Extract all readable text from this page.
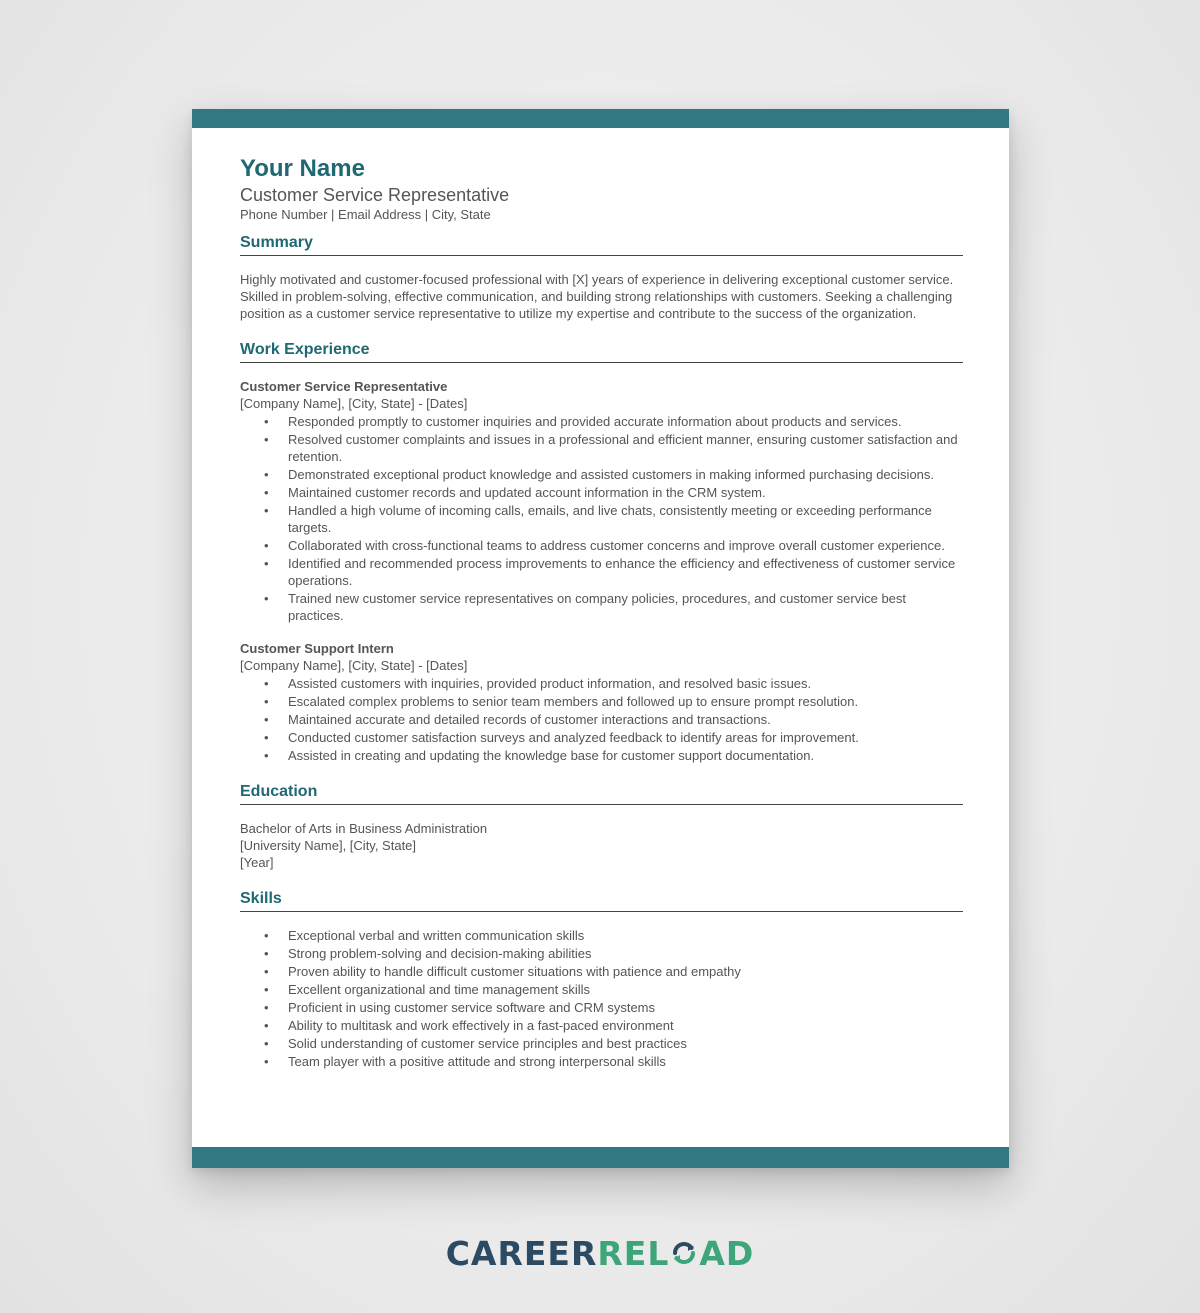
Your Name
Customer Service Representative
Phone Number | Email Address | City, State
Summary

Highly motivated and customer-focused professional with [X] years of experience in delivering exceptional customer service. Skilled in problem-solving, effective communication, and building strong relationships with customers. Seeking a challenging position as a customer service representative to utilize my expertise and contribute to the success of the organization.

Work Experience
Customer Service Representative
[Company Name], [City, State] - [Dates]
• Responded promptly to customer inquiries and provided accurate information about products and services.
• Resolved customer complaints and issues in a professional and efficient manner, ensuring customer satisfaction and retention.
• Demonstrated exceptional product knowledge and assisted customers in making informed purchasing decisions.
• Maintained customer records and updated account information in the CRM system.
• Handled a high volume of incoming calls, emails, and live chats, consistently meeting or exceeding performance targets.
• Collaborated with cross-functional teams to address customer concerns and improve overall customer experience.
• Identified and recommended process improvements to enhance the efficiency and effectiveness of customer service operations.
• Trained new customer service representatives on company policies, procedures, and customer service best practices.
Customer Support Intern
[Company Name], [City, State] - [Dates]
• Assisted customers with inquiries, provided product information, and resolved basic issues.
• Escalated complex problems to senior team members and followed up to ensure prompt resolution.
• Maintained accurate and detailed records of customer interactions and transactions.
• Conducted customer satisfaction surveys and analyzed feedback to identify areas for improvement.
• Assisted in creating and updating the knowledge base for customer support documentation.
Education
Bachelor of Arts in Business Administration
[University Name], [City, State]
[Year]
Skills
• Exceptional verbal and written communication skills
• Strong problem-solving and decision-making abilities
• Proven ability to handle difficult customer situations with patience and empathy
• Excellent organizational and time management skills
• Proficient in using customer service software and CRM systems
• Ability to multitask and work effectively in a fast-paced environment
• Solid understanding of customer service principles and best practices
• Team player with a positive attitude and strong interpersonal skills
CAREERREL AD
